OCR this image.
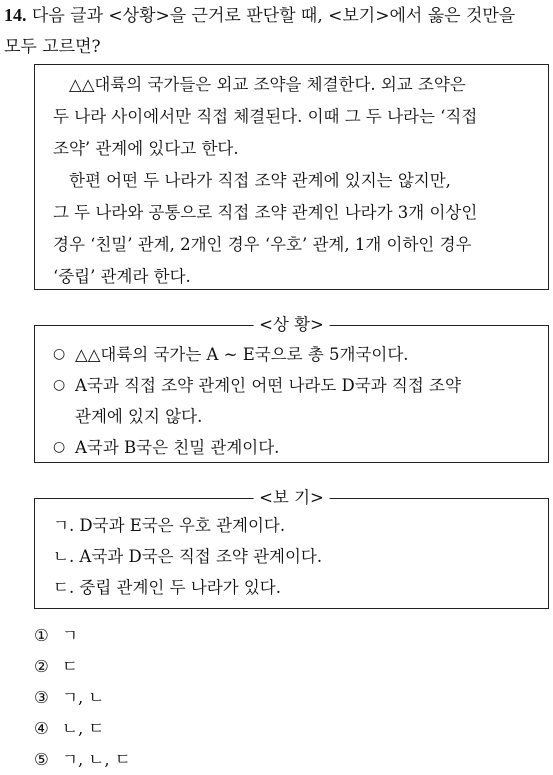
14. 다음 글과 <상황>을 근거로 판단할 때, <보기>에서 옳은 것만을
모두 고르면?

△△대륙의 국가들은 외교 조약을 체결한다. 외교 조약은
두 나라 사이에서만 직접 체결된다. 이때 그 두 나라는 ‘직접
조약’ 관계에 있다고 한다.

한편 어떤 두 나라가 직접 조약 관계에 있지는 않지만,
그 두 나라와 공통으로 직접 조약 관계인 나라가 3개 이상인
경우 ‘친밀’ 관계, 2개인 경우 ‘우호’ 관계, 1개 이하인 경우
‘중립’ 관계라 한다.

<상 황>
○ △△대륙의 국가는 A ~ E국으로 총 5개국이다.
○ A국과 직접 조약 관계인 어떤 나라도 D국과 직접 조약
관계에 있지 않다.
○ A국과 B국은 친밀 관계이다.
<보 기>
ㄱ. D국과 E국은 우호 관계이다.
ㄴ. A국과 D국은 직접 조약 관계이다.
ㄷ. 중립 관계인 두 나라가 있다.
① ㄱ
② ㄷ
③ ㄱ, ㄴ
④ ㄴ, ㄷ
⑤ ㄱ, ㄴ, ㄷ
